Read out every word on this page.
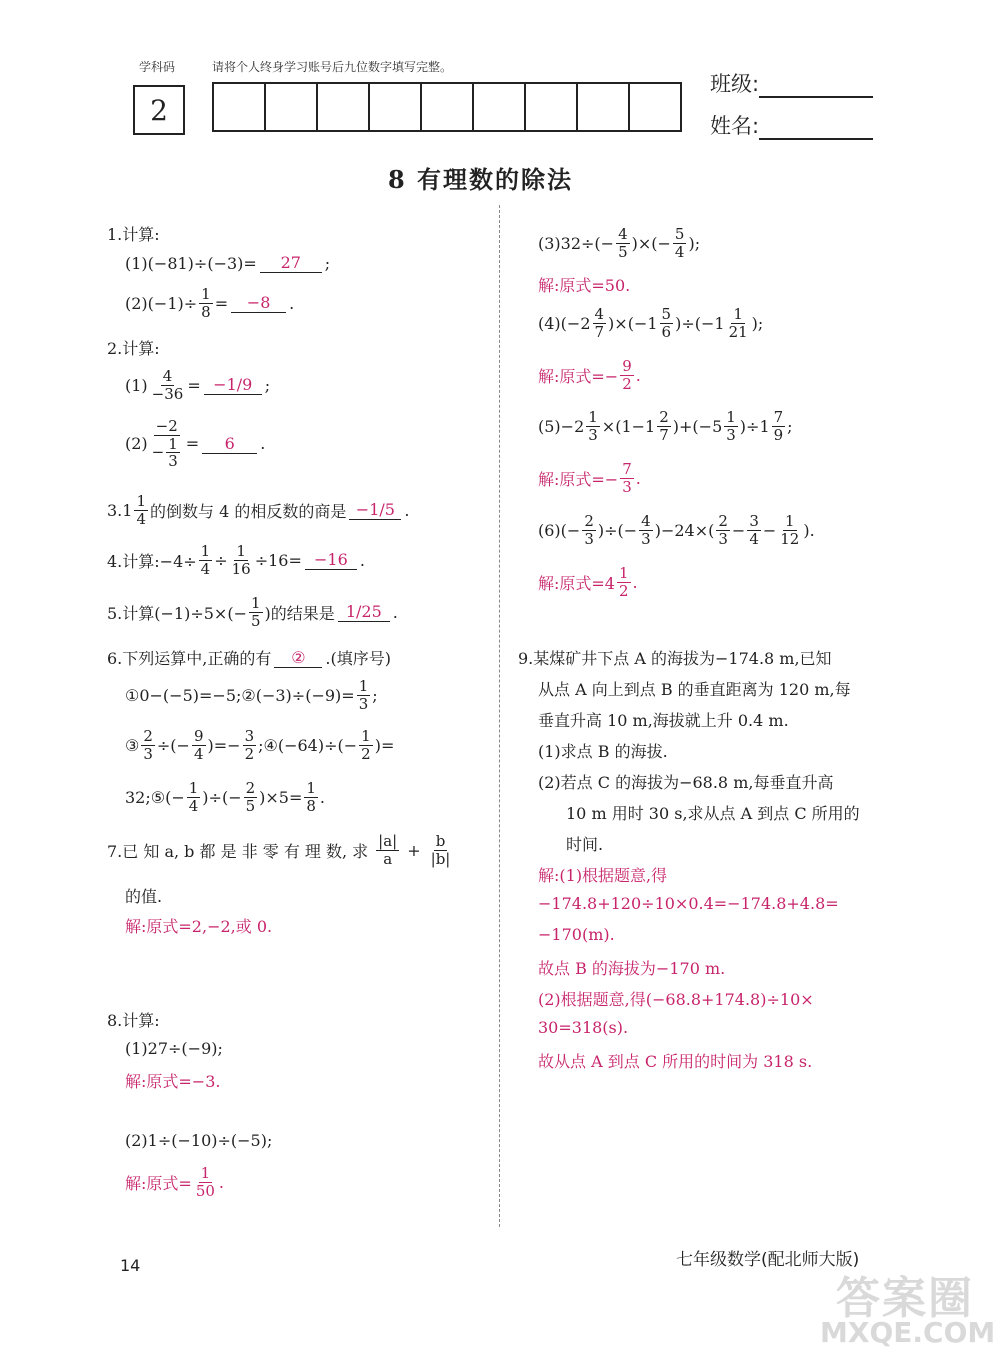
学科码
2
请将个人终身学习账号后九位数字填写完整。
班级:
姓名:
8 有理数的除法
1.计算:
(1)(−81)÷(−3)=	27	;
$(2)(-1)\div \frac{1}{8}$ =	−8	.
2.计算:
$(1) \frac{4}{-36} = -1/9$ ;
$(2) \frac{-2}{- \frac{1}{3}}$ =	6	.
$3.1 \frac{1}{4}$ 的倒数与 4 的相反数的商是 −1/5 .
4.计算:−4÷ $\frac{1}{4} \div \frac{1}{16} \div 16= -16$ .
5.计算$(-1)\div 5\times(- \frac{1}{5}$ )的结果是 1/25 .
6.下列运算中,正确的有	②	.(填序号)
①0−(−5)=−5;②(−3)÷(−9)= $\frac{1}{3}$ ;
③ $\frac{2}{3}$ ÷(− $\frac{9}{4}$ )=− $\frac{3}{2}$ ;④(−64)÷(− $\frac{1}{2}$ )=
32;⑤(− $\frac{1}{4}$ )÷(− $\frac{2}{5} )\times 5= \frac{1}{8}$ .
7.已 知 a, b 都 是 非 零 有 理 数, 求 $\frac{|a|}{a} + \frac{b}{|b|}$
的值.
解:原式=2,−2,或 0.
8.计算:
(1)27÷(−9);
解:原式=−3.
(2)1÷(−10)÷(−5);
解:原式= $\frac{1}{50}$ .
$(3)32\div(- \frac{4}{5}$ )×(− $\frac{5}{4}$ );
解:原式=50.
$(4)(-2 \frac{4}{7} )\times(-1 \frac{5}{6} )\div(-1 \frac{1}{21}$ );
解:原式=− $\frac{9}{2}$ .
$(5)-2 \frac{1}{3} \times(1-1 \frac{2}{7} )+(-5 \frac{1}{3} )\div 1 \frac{7}{9}$ ;
解:原式=− $\frac{7}{3}$ .
$(6)(- \frac{2}{3}$ )÷(− $\frac{4}{3} )-24\times( \frac{2}{3} - \frac{3}{4} - \frac{1}{12}$ ).
解:原式$=4 \frac{1}{2}$ .
9.某煤矿井下点 A 的海拔为−174.8 m,已知
从点 A 向上到点 B 的垂直距离为 120 m,每
垂直升高 10 m,海拔就上升 0.4 m.
(1)求点 B 的海拔.
(2)若点 C 的海拔为−68.8 m,每垂直升高
10 m 用时 30 s,求从点 A 到点 C 所用的
时间.
解:(1)根据题意,得
−174.8+120÷10×0.4=−174.8+4.8=
−170(m).
故点 B 的海拔为−170 m.
(2)根据题意,得(−68.8+174.8)÷10×
30=318(s).
故从点 A 到点 C 所用的时间为 318 s.
14	七年级数学(配北师大版)
答案圈
MXQE.COM
